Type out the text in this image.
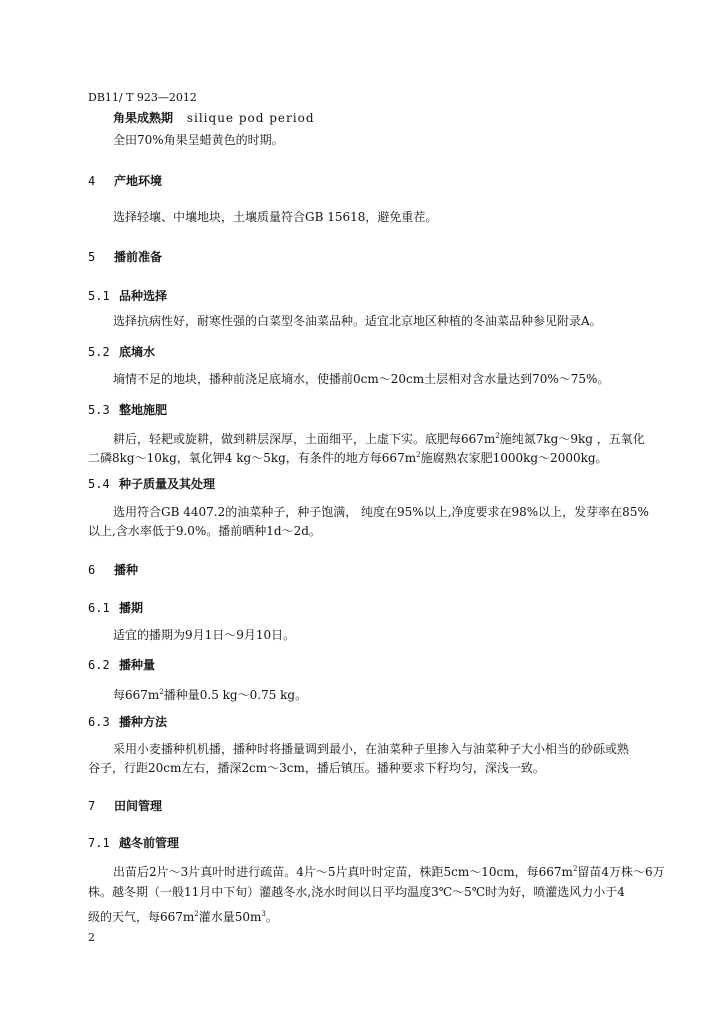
DB11/ T 923—2012
角果成熟期 silique pod period
全田70%角果呈蜡黄色的时期。
4 产地环境
选择轻壤、中壤地块，土壤质量符合GB 15618，避免重茬。
5 播前准备
5.1 品种选择
选择抗病性好，耐寒性强的白菜型冬油菜品种。适宜北京地区种植的冬油菜品种参见附录A。
5.2 底墒水
墒情不足的地块，播种前浇足底墒水，使播前0cm～20cm土层相对含水量达到70%～75%。
5.3 整地施肥
耕后，轻耙或旋耕，做到耕层深厚，土面细平，上虚下实。底肥每$667m^2$施纯氮7kg～9kg ，五氧化
二磷8kg～10kg，氧化钾4 kg～5kg，有条件的地方每$667m^2$施腐熟农家肥1000kg～2000kg。
5.4 种子质量及其处理
选用符合GB 4407.2的油菜种子，种子饱满， 纯度在95%以上,净度要求在98%以上，发芽率在85%
以上,含水率低于9.0%。播前晒种1d～2d。
6 播种
6.1 播期
适宜的播期为9月1日～9月10日。
6.2 播种量
每$667m^2$播种量0.5 kg～0.75 kg。
6.3 播种方法
采用小麦播种机机播，播种时将播量调到最小，在油菜种子里掺入与油菜种子大小相当的砂砾或熟
谷子，行距20cm左右，播深2cm～3cm，播后镇压。播种要求下籽均匀，深浅一致。
7 田间管理
7.1 越冬前管理
出苗后2片～3片真叶时进行疏苗。4片～5片真叶时定苗，株距5cm～10cm，每$667m^2$留苗4万株～6万
株。越冬期（一般11月中下旬）灌越冬水,浇水时间以日平均温度3℃～5℃时为好，喷灌选风力小于4
级的天气，每$667m^2$灌水量$50m^3$。
2
